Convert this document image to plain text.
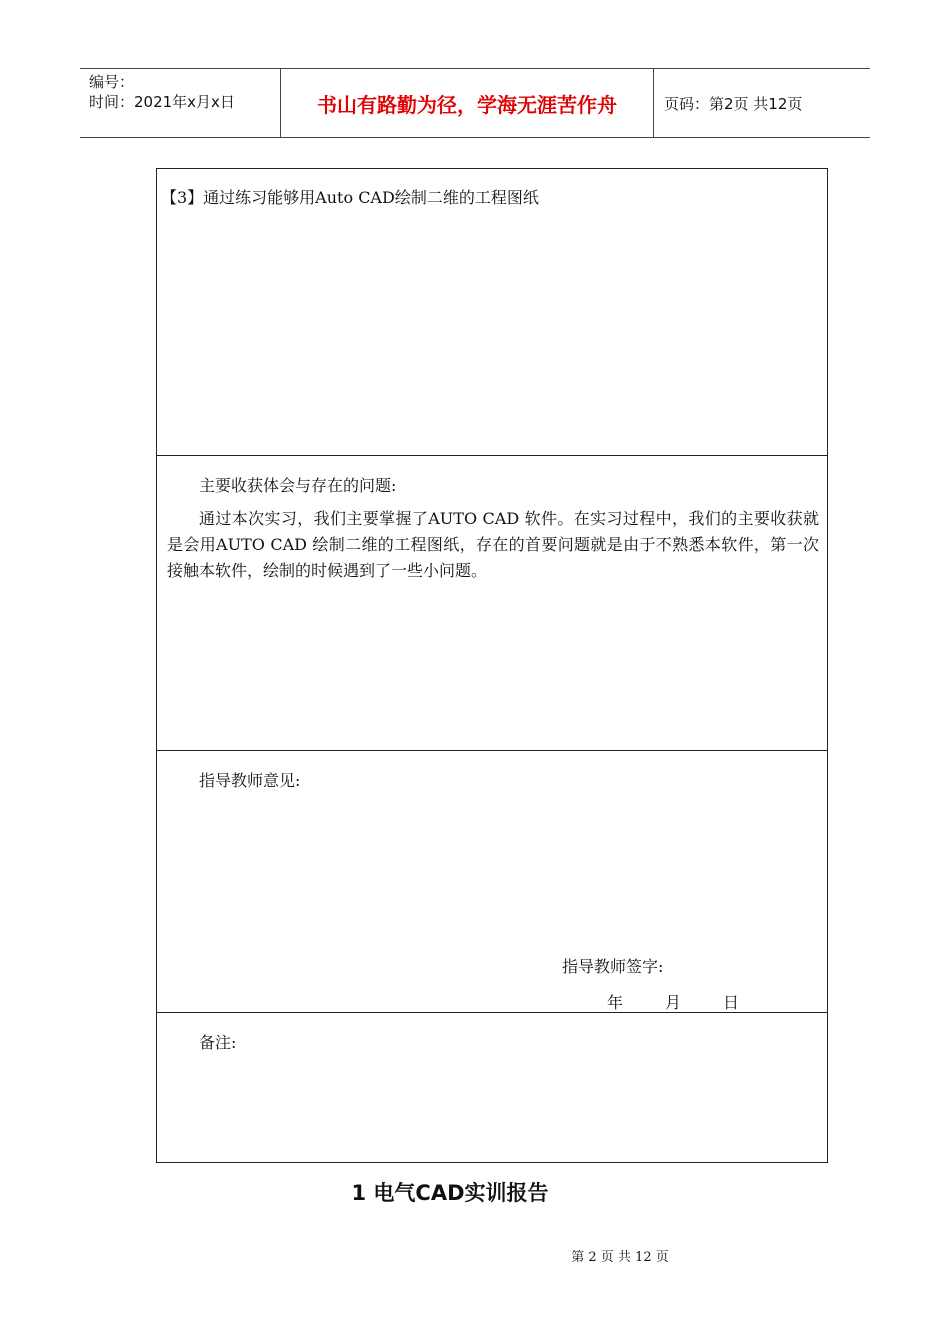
编号：
时间：2021年x月x日	书山有路勤为径，学海无涯苦作舟	页码：第2页 共12页
【3】通过练习能够用Auto CAD绘制二维的工程图纸
主要收获体会与存在的问题:
通过本次实习，我们主要掌握了AUTO CAD 软件。在实习过程中，我们的主要收获就是会用AUTO CAD 绘制二维的工程图纸，存在的首要问题就是由于不熟悉本软件，第一次接触本软件，绘制的时候遇到了一些小问题。
指导教师意见:
指导教师签字:
年	月	日
备注:
1 电气CAD实训报告
第 2 页 共 12 页
